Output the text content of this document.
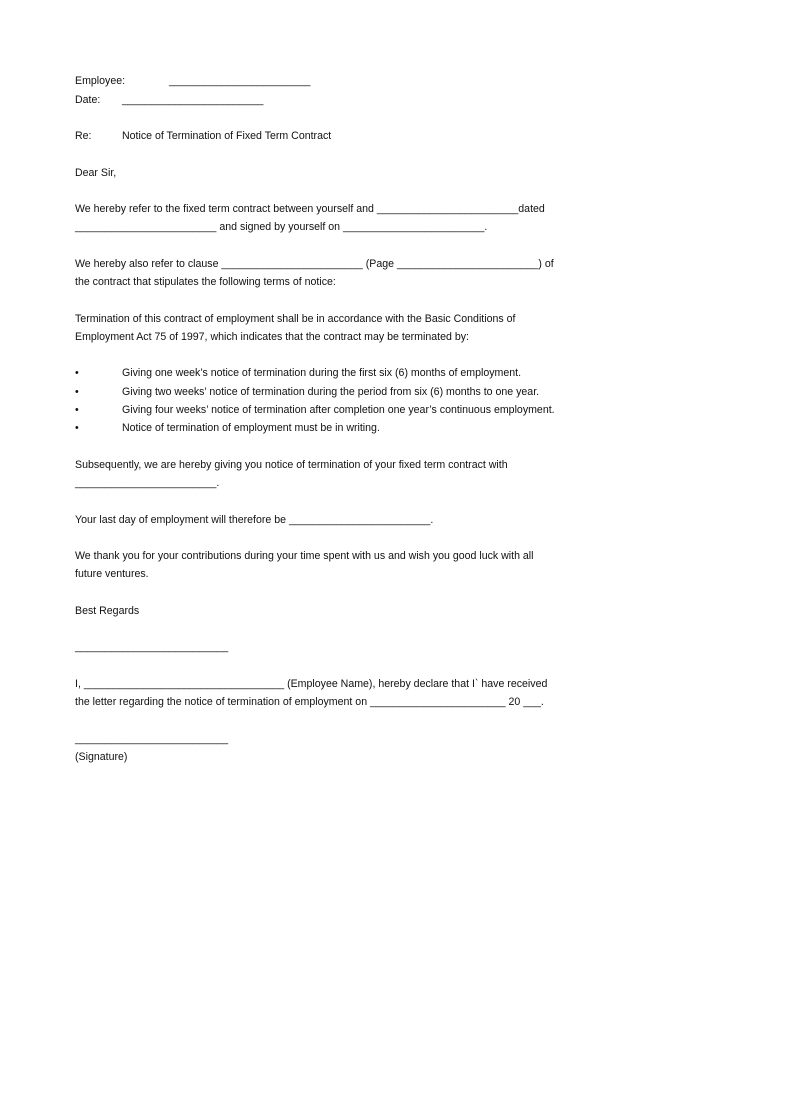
Employee:	________________________
Date: ________________________
Re:	Notice of Termination of Fixed Term Contract
Dear Sir,
We hereby refer to the fixed term contract between yourself and ________________________dated
________________________ and signed by yourself on ________________________.
We hereby also refer to clause ________________________ (Page ________________________) of
the contract that stipulates the following terms of notice:
Termination of this contract of employment shall be in accordance with the Basic Conditions of
Employment Act 75 of 1997, which indicates that the contract may be terminated by:
•	Giving one week’s notice of termination during the first six (6) months of employment.
•	Giving two weeks’ notice of termination during the period from six (6) months to one year.
•	Giving four weeks’ notice of termination after completion one year’s continuous employment.
•	Notice of termination of employment must be in writing.
Subsequently, we are hereby giving you notice of termination of your fixed term contract with
________________________.
Your last day of employment will therefore be ________________________.
We thank you for your contributions during your time spent with us and wish you good luck with all
future ventures.
Best Regards
__________________________
I, __________________________________ (Employee Name), hereby declare that I` have received
the letter regarding the notice of termination of employment on _______________________ 20 ___.
__________________________
(Signature)
